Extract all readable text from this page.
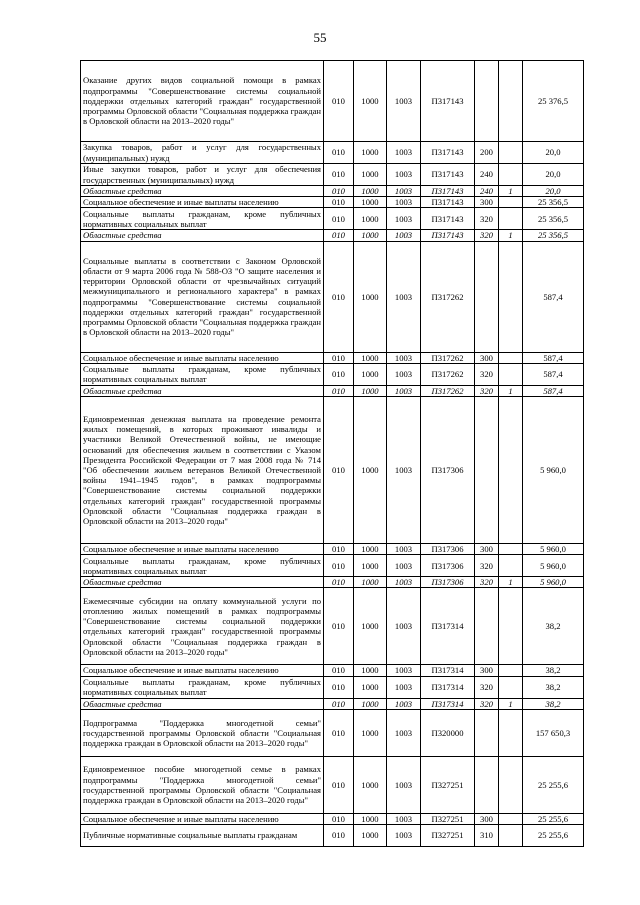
55
Оказание других видов социальной помощи в рамках подпрограммы "Совершенствование системы социальной поддержки отдельных категорий граждан" государственной программы Орловской области "Социальная поддержка граждан в Орловской области на 2013–2020 годы"	010	1000	1003	П317143			25 376,5
Закупка товаров, работ и услуг для государственных (муниципальных) нужд	010	1000	1003	П317143	200		20,0
Иные закупки товаров, работ и услуг для обеспечения государственных (муниципальных) нужд	010	1000	1003	П317143	240		20,0
Областные средства	010	1000	1003	П317143	240	1	20,0
Социальное обеспечение и иные выплаты населению	010	1000	1003	П317143	300		25 356,5
Социальные выплаты гражданам, кроме публичных нормативных социальных выплат	010	1000	1003	П317143	320		25 356,5
Областные средства	010	1000	1003	П317143	320	1	25 356,5
Социальные выплаты в соответствии с Законом Орловской области от 9 марта 2006 года № 588-ОЗ "О защите населения и территории Орловской области от чрезвычайных ситуаций межмуниципального и регионального характера" в рамках подпрограммы "Совершенствование системы социальной поддержки отдельных категорий граждан" государственной программы Орловской области "Социальная поддержка граждан в Орловской области на 2013–2020 годы"	010	1000	1003	П317262			587,4
Социальное обеспечение и иные выплаты населению	010	1000	1003	П317262	300		587,4
Социальные выплаты гражданам, кроме публичных нормативных социальных выплат	010	1000	1003	П317262	320		587,4
Областные средства	010	1000	1003	П317262	320	1	587,4
Единовременная денежная выплата на проведение ремонта жилых помещений, в которых проживают инвалиды и участники Великой Отечественной войны, не имеющие оснований для обеспечения жильем в соответствии с Указом Президента Российской Федерации от 7 мая 2008 года № 714 "Об обеспечении жильем ветеранов Великой Отечественной войны 1941–1945 годов", в рамках подпрограммы "Совершенствование системы социальной поддержки отдельных категорий граждан" государственной программы Орловской области "Социальная поддержка граждан в Орловской области на 2013–2020 годы"	010	1000	1003	П317306			5 960,0
Социальное обеспечение и иные выплаты населению	010	1000	1003	П317306	300		5 960,0
Социальные выплаты гражданам, кроме публичных нормативных социальных выплат	010	1000	1003	П317306	320		5 960,0
Областные средства	010	1000	1003	П317306	320	1	5 960,0
Ежемесячные субсидии на оплату коммунальной услуги по отоплению жилых помещений в рамках подпрограммы "Совершенствование системы социальной поддержки отдельных категорий граждан" государственной программы Орловской области "Социальная поддержка граждан в Орловской области на 2013–2020 годы"	010	1000	1003	П317314			38,2
Социальное обеспечение и иные выплаты населению	010	1000	1003	П317314	300		38,2
Социальные выплаты гражданам, кроме публичных нормативных социальных выплат	010	1000	1003	П317314	320		38,2
Областные средства	010	1000	1003	П317314	320	1	38,2
Подпрограмма "Поддержка многодетной семьи" государственной программы Орловской области "Социальная поддержка граждан в Орловской области на 2013–2020 годы"	010	1000	1003	П320000			157 650,3
Единовременное пособие многодетной семье в рамках подпрограммы "Поддержка многодетной семьи" государственной программы Орловской области "Социальная поддержка граждан в Орловской области на 2013–2020 годы"	010	1000	1003	П327251			25 255,6
Социальное обеспечение и иные выплаты населению	010	1000	1003	П327251	300		25 255,6
Публичные нормативные социальные выплаты гражданам	010	1000	1003	П327251	310		25 255,6
